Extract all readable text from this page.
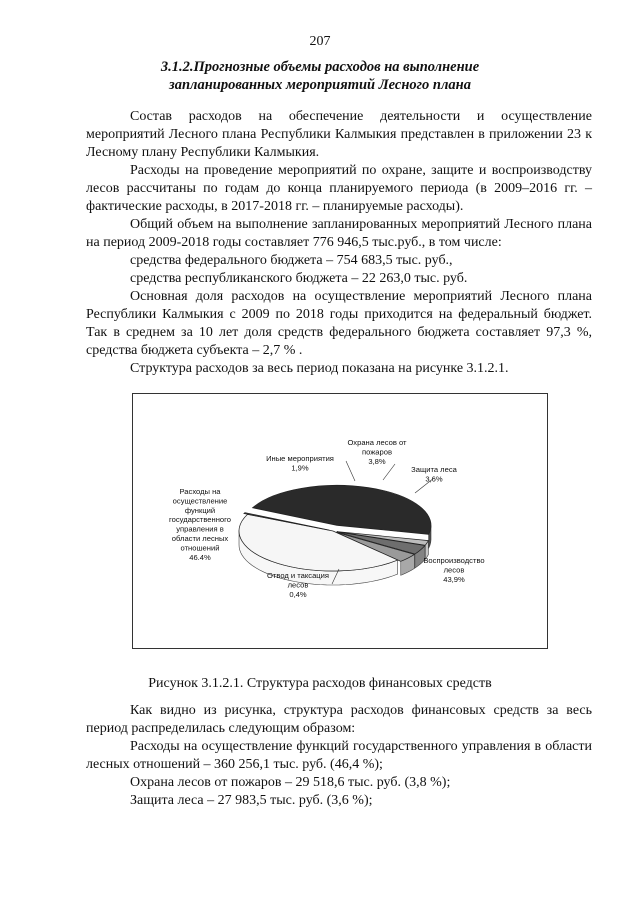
207
3.1.2.Прогнозные объемы расходов на выполнение
запланированных мероприятий Лесного плана

Состав расходов на обеспечение деятельности и осуществление мероприятий Лесного плана Республики Калмыкия представлен в приложении 23 к Лесному плану Республики Калмыкия.

Расходы на проведение мероприятий по охране, защите и воспроизводству лесов рассчитаны по годам до конца планируемого периода (в 2009–2016 гг. – фактические расходы, в 2017-2018 гг. – планируемые расходы).

Общий объем на выполнение запланированных мероприятий Лесного плана на период 2009-2018 годы составляет 776 946,5 тыс.руб., в том числе:

средства федерального бюджета – 754 683,5 тыс. руб.,

средства республиканского бюджета – 22 263,0 тыс. руб.

Основная доля расходов на осуществление мероприятий Лесного плана Республики Калмыкия с 2009 по 2018 годы приходится на федеральный бюджет. Так в среднем за 10 лет доля средств федерального бюджета составляет 97,3 %, средства бюджета субъекта – 2,7 % .

Структура расходов за весь период показана на рисунке 3.1.2.1.

Расходы на осуществление функций государственного управления в области лесных отношений 46.4%
Иные мероприятия 1,9%
Охрана лесов от пожаров 3,8%
Защита леса 3,6%
Воспроизводство лесов 43,9%
Отвод и таксация лесов 0,4%
Рисунок 3.1.2.1. Структура расходов финансовых средств

Как видно из рисунка, структура расходов финансовых средств за весь период распределилась следующим образом:

Расходы на осуществление функций государственного управления в области лесных отношений – 360 256,1 тыс. руб. (46,4 %);

Охрана лесов от пожаров – 29 518,6 тыс. руб. (3,8 %);

Защита леса – 27 983,5 тыс. руб. (3,6 %);
